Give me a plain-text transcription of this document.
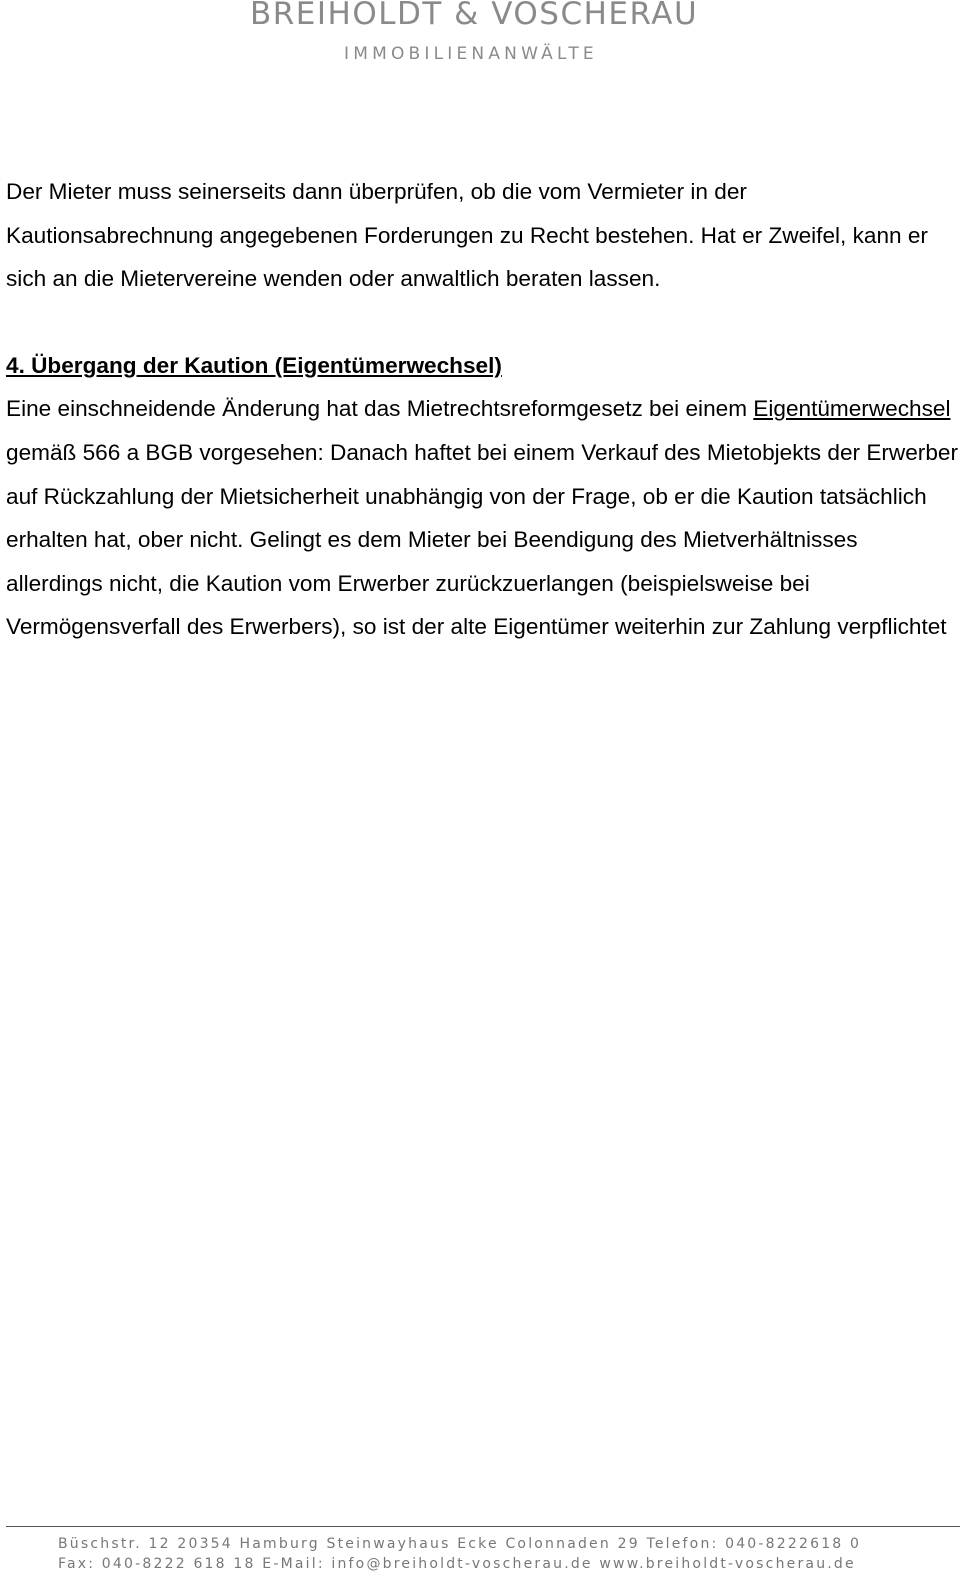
BREIHOLDT & VOSCHERAU
IMMOBILIENANWÄLTE

Der Mieter muss seinerseits dann überprüfen, ob die vom Vermieter in der Kautionsabrechnung angegebenen Forderungen zu Recht bestehen. Hat er Zweifel, kann er sich an die Mietervereine wenden oder anwaltlich beraten lassen.

4. Übergang der Kaution (Eigentümerwechsel)

Eine einschneidende Änderung hat das Mietrechtsreformgesetz bei einem Eigentümerwechsel gemäß 566 a BGB vorgesehen: Danach haftet bei einem Verkauf des Mietobjekts der Erwerber auf Rückzahlung der Mietsicherheit unabhängig von der Frage, ob er die Kaution tatsächlich erhalten hat, ober nicht. Gelingt es dem Mieter bei Beendigung des Mietverhältnisses allerdings nicht, die Kaution vom Erwerber zurückzuerlangen (beispielsweise bei Vermögensverfall des Erwerbers), so ist der alte Eigentümer weiterhin zur Zahlung verpflichtet

Büschstr. 12 20354 Hamburg Steinwayhaus Ecke Colonnaden 29 Telefon: 040-8222618 0
Fax: 040-8222 618 18 E-Mail: info@breiholdt-voscherau.de www.breiholdt-voscherau.de
